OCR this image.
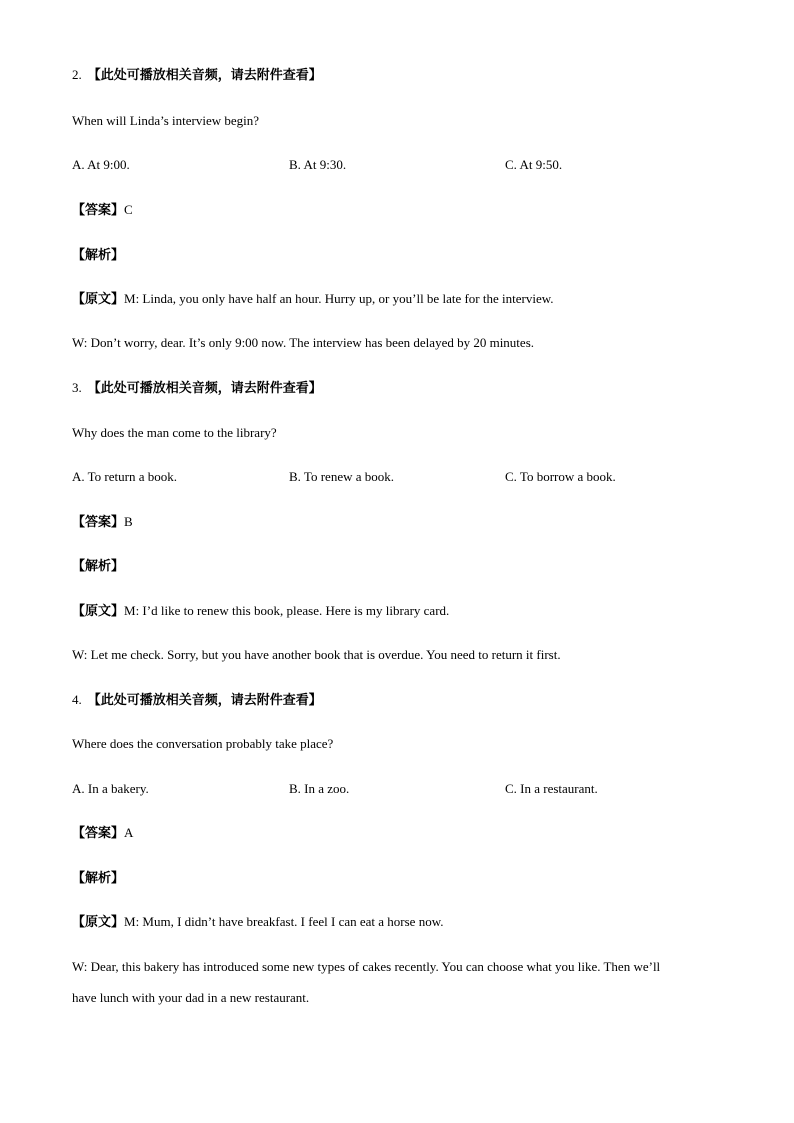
2. 【此处可播放相关音频，请去附件查看】
When will Linda’s interview begin?
A. At 9:00.	B. At 9:30.	C. At 9:50.
【答案】C
【解析】
【原文】M: Linda, you only have half an hour. Hurry up, or you’ll be late for the interview.
W: Don’t worry, dear. It’s only 9:00 now. The interview has been delayed by 20 minutes.
3. 【此处可播放相关音频，请去附件查看】
Why does the man come to the library?
A. To return a book.	B. To renew a book.	C. To borrow a book.
【答案】B
【解析】
【原文】M: I’d like to renew this book, please. Here is my library card.
W: Let me check. Sorry, but you have another book that is overdue. You need to return it first.
4. 【此处可播放相关音频，请去附件查看】
Where does the conversation probably take place?
A. In a bakery.	B. In a zoo.	C. In a restaurant.
【答案】A
【解析】
【原文】M: Mum, I didn’t have breakfast. I feel I can eat a horse now.
W: Dear, this bakery has introduced some new types of cakes recently. You can choose what you like. Then we’ll
have lunch with your dad in a new restaurant.
